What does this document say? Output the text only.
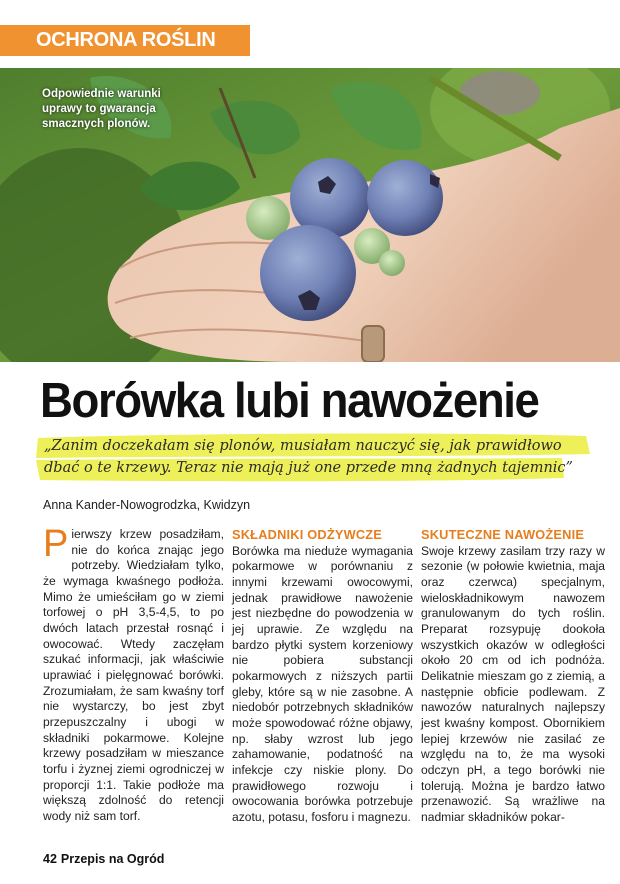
OCHRONA ROŚLIN
Odpowiednie warunki uprawy to gwarancja smacznych plonów.
Borówka lubi nawożenie
„Zanim doczekałam się plonów, musiałam nauczyć się, jak prawidłowo dbać o te krzewy. Teraz nie mają już one przede mną żadnych tajemnic”
Anna Kander-Nowogrodzka, Kwidzyn
Pierwszy krzew posadziłam, nie do końca znając jego potrzeby. Wiedziałam tylko, że wymaga kwaśnego podłoża. Mimo że umieściłam go w ziemi torfowej o pH 3,5-4,5, to po dwóch latach przestał rosnąć i owocować. Wtedy zaczęłam szukać informacji, jak właściwie uprawiać i pielęgnować borówki. Zrozumiałam, że sam kwaśny torf nie wystarczy, bo jest zbyt przepuszczalny i ubogi w składniki pokarmowe. Kolejne krzewy posadziłam w mieszance torfu i żyznej ziemi ogrodniczej w proporcji 1:1. Takie podłoże ma większą zdolność do retencji wody niż sam torf.
SKŁADNIKI ODŻYWCZE
Borówka ma nieduże wymagania pokarmowe w porównaniu z innymi krzewami owocowymi, jednak prawidłowe nawożenie jest niezbędne do powodzenia w jej uprawie. Ze względu na bardzo płytki system korzeniowy nie pobiera substancji pokarmowych z niższych partii gleby, które są w nie zasobne. A niedobór potrzebnych składników może spowodować różne objawy, np. słaby wzrost lub jego zahamowanie, podatność na infekcje czy niskie plony. Do prawidłowego rozwoju i owocowania borówka potrzebuje azotu, potasu, fosforu i magnezu.
SKUTECZNE NAWOŻENIE
Swoje krzewy zasilam trzy razy w sezonie (w połowie kwietnia, maja oraz czerwca) specjalnym, wieloskładnikowym nawozem granulowanym do tych roślin. Preparat rozsypuję dookoła wszystkich okazów w odległości około 20 cm od ich podnóża. Delikatnie mieszam go z ziemią, a następnie obficie podlewam. Z nawozów naturalnych najlepszy jest kwaśny kompost. Obornikiem lepiej krzewów nie zasilać ze względu na to, że ma wysoki odczyn pH, a tego borówki nie tolerują. Można je bardzo łatwo przenawozić. Są wrażliwe na nadmiar składników pokar-
42 Przepis na Ogród
